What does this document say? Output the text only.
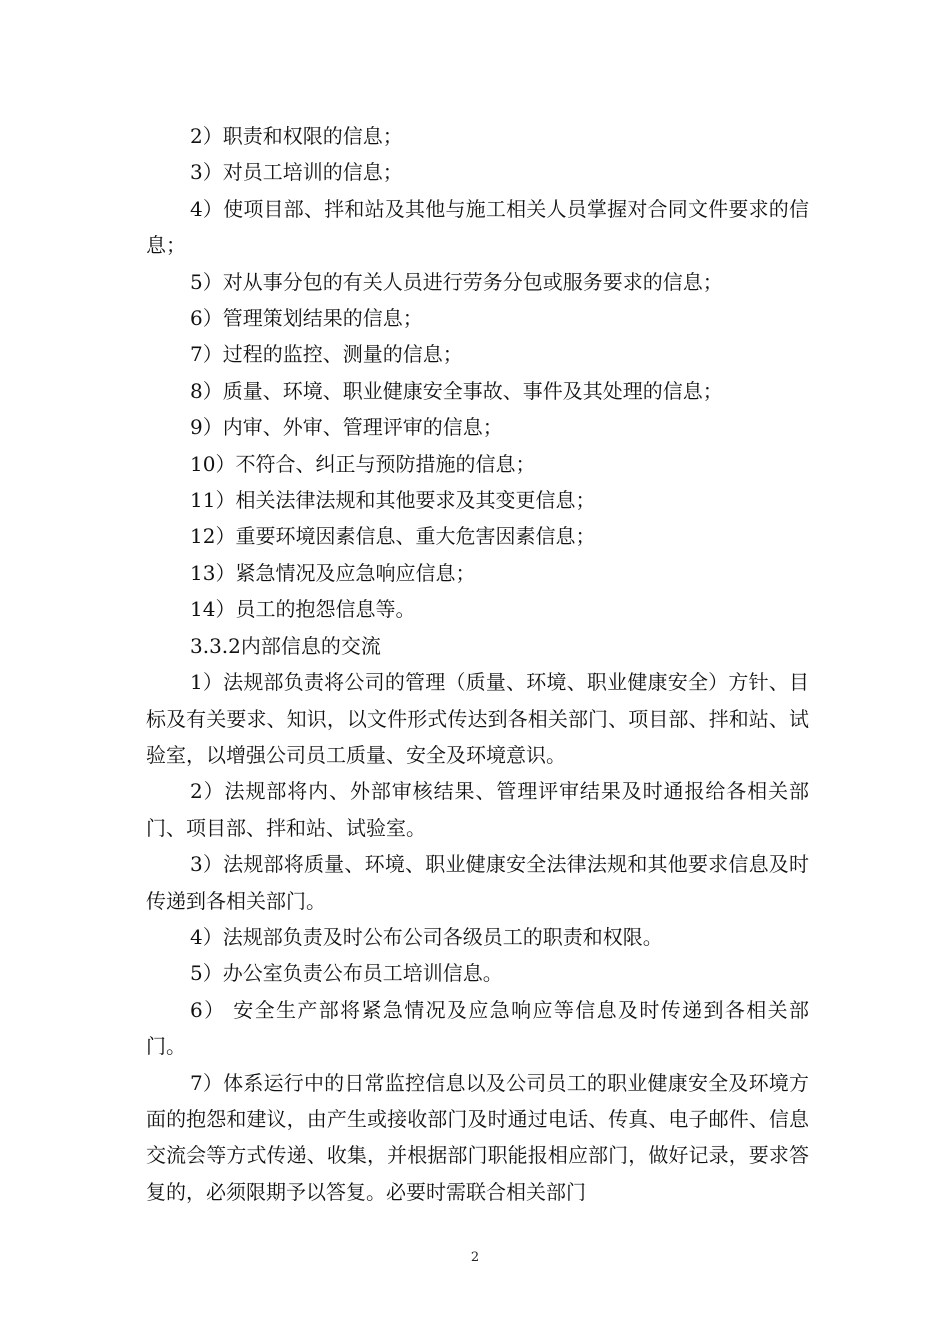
2）职责和权限的信息；

3）对员工培训的信息；

4）使项目部、拌和站及其他与施工相关人员掌握对合同文件要求的信息；

5）对从事分包的有关人员进行劳务分包或服务要求的信息；

6）管理策划结果的信息；

7）过程的监控、测量的信息；

8）质量、环境、职业健康安全事故、事件及其处理的信息；

9）内审、外审、管理评审的信息；

10）不符合、纠正与预防措施的信息；

11）相关法律法规和其他要求及其变更信息；

12）重要环境因素信息、重大危害因素信息；

13）紧急情况及应急响应信息；

14）员工的抱怨信息等。

3.3.2内部信息的交流

1）法规部负责将公司的管理（质量、环境、职业健康安全）方针、目标及有关要求、知识，以文件形式传达到各相关部门、项目部、拌和站、试验室，以增强公司员工质量、安全及环境意识。

2）法规部将内、外部审核结果、管理评审结果及时通报给各相关部门、项目部、拌和站、试验室。

3）法规部将质量、环境、职业健康安全法律法规和其他要求信息及时传递到各相关部门。

4）法规部负责及时公布公司各级员工的职责和权限。

5）办公室负责公布员工培训信息。

6） 安全生产部将紧急情况及应急响应等信息及时传递到各相关部门。

7）体系运行中的日常监控信息以及公司员工的职业健康安全及环境方面的抱怨和建议，由产生或接收部门及时通过电话、传真、电子邮件、信息交流会等方式传递、收集，并根据部门职能报相应部门，做好记录，要求答复的，必须限期予以答复。必要时需联合相关部门

2
